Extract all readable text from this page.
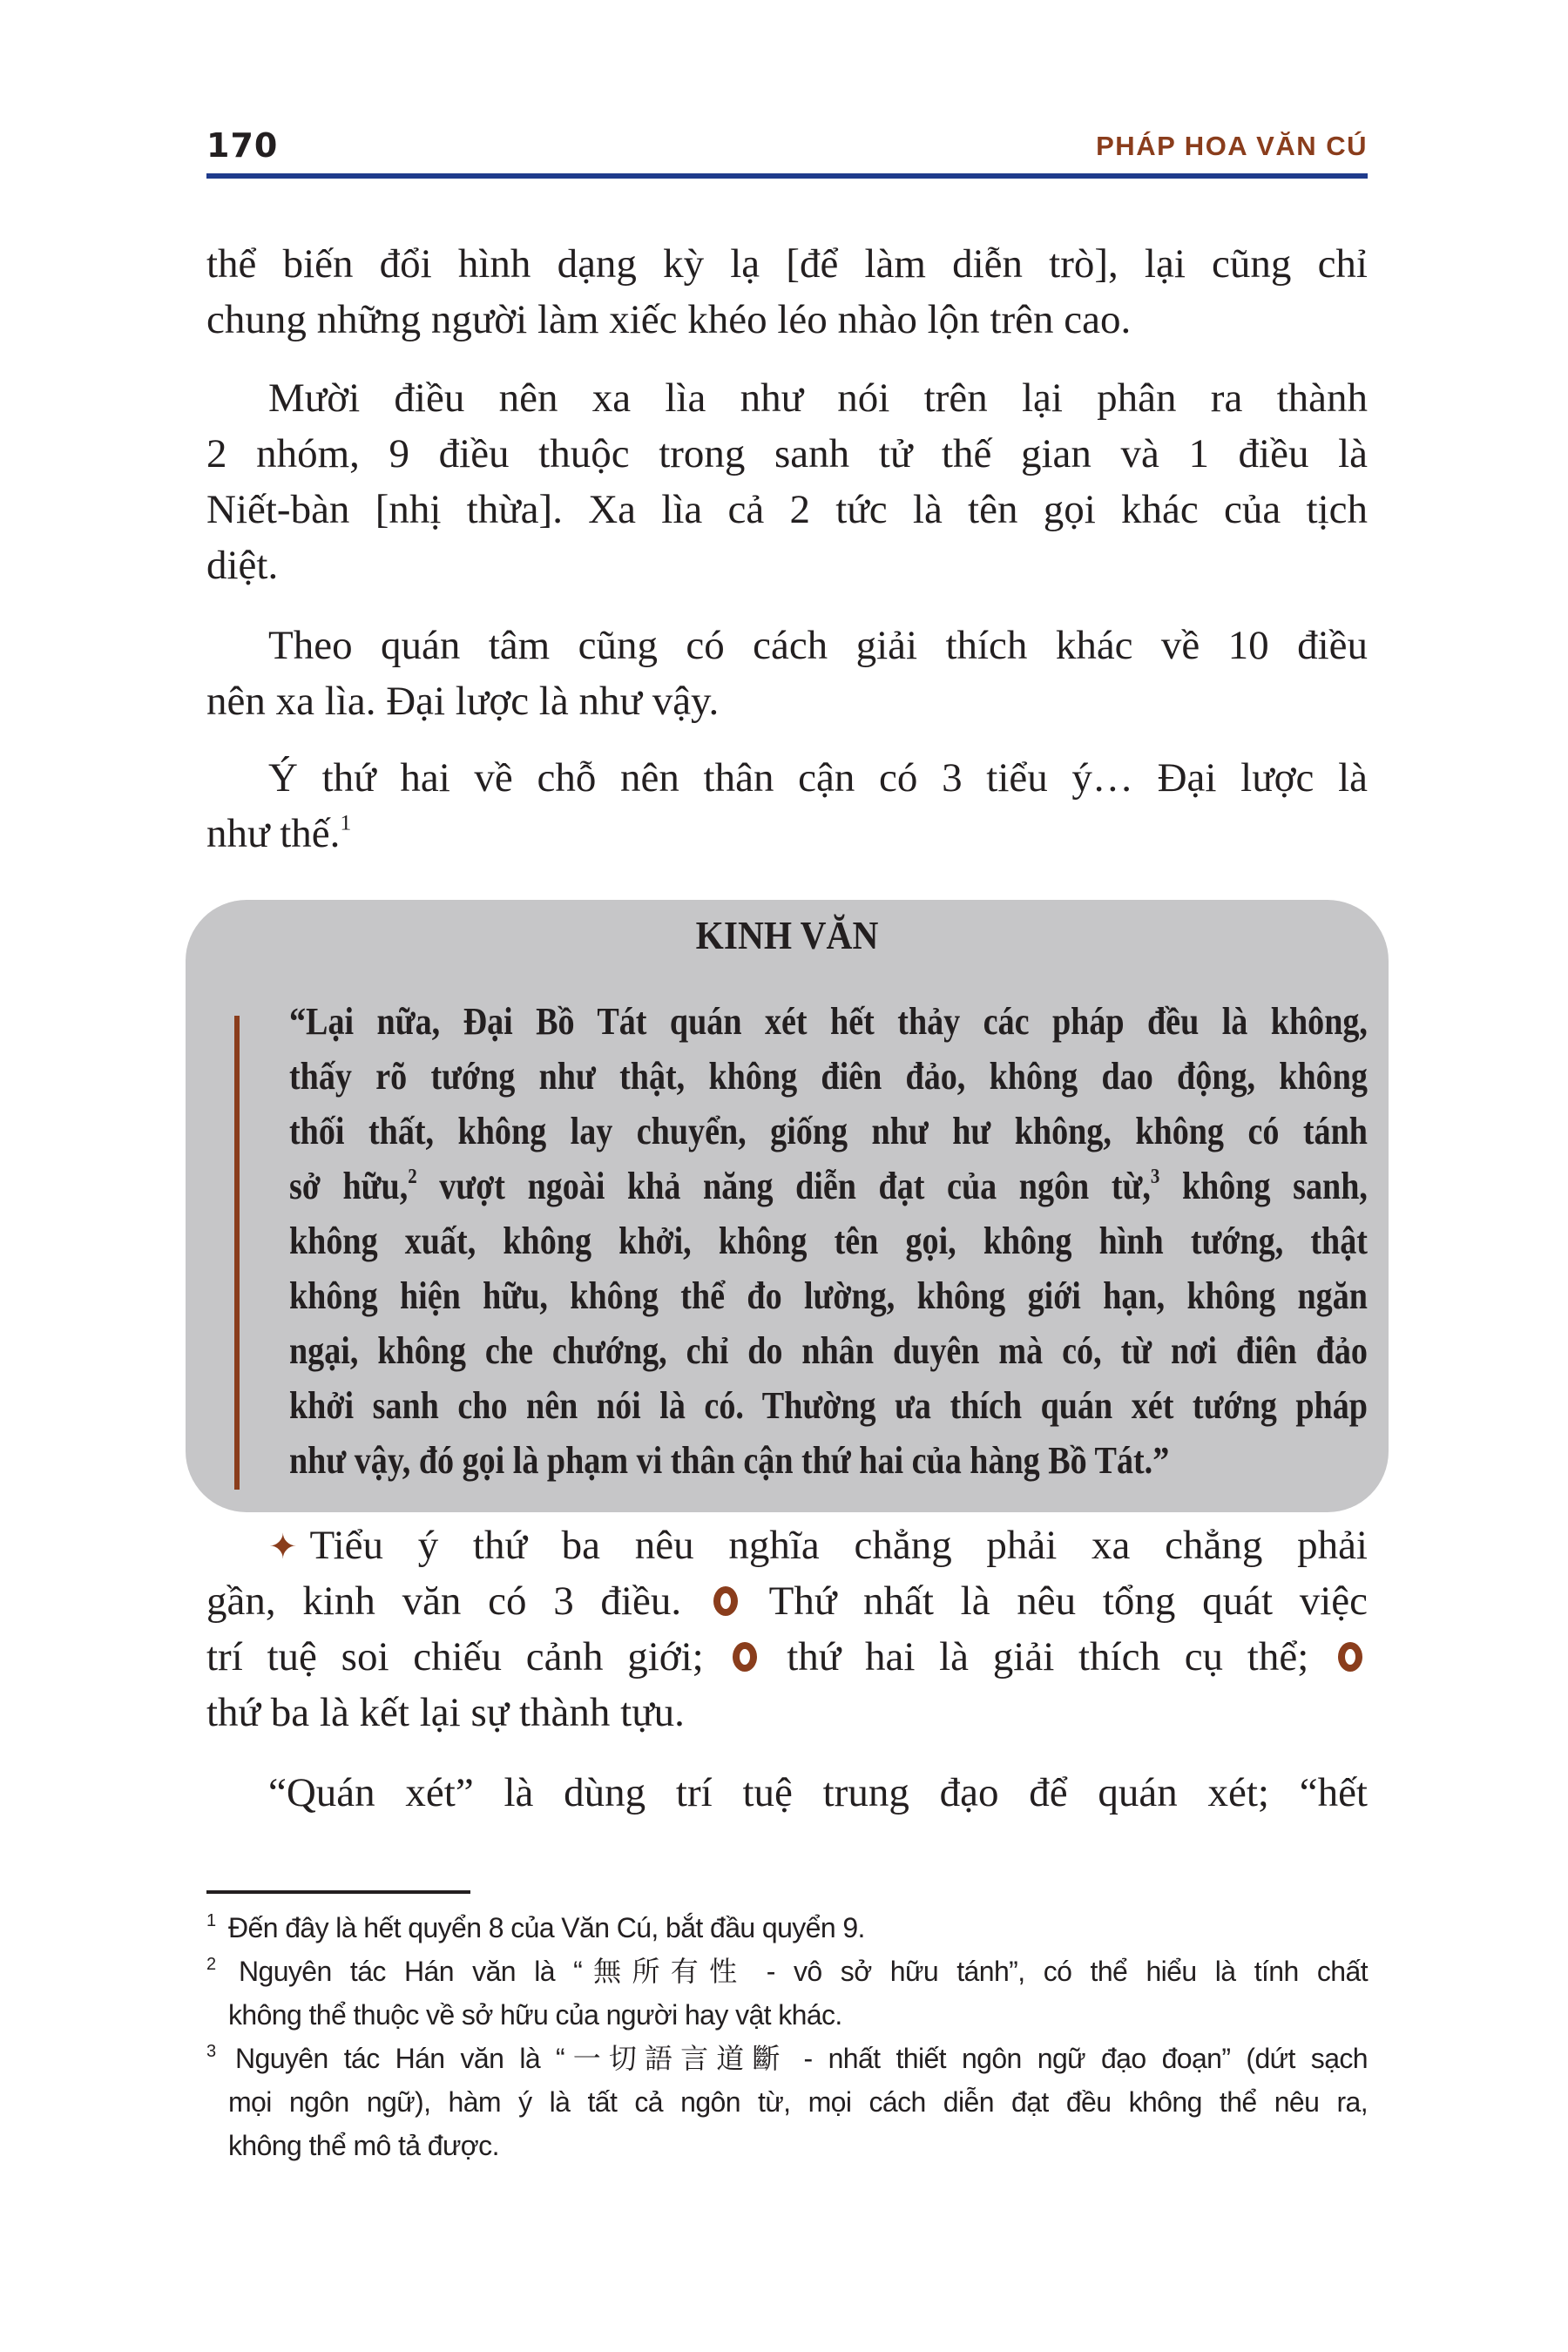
170	PHÁP HOA VĂN CÚ
thể biến đổi hình dạng kỳ lạ [để làm diễn trò], lại cũng chỉ
chung những người làm xiếc khéo léo nhào lộn trên cao.
Mười điều nên xa lìa như nói trên lại phân ra thành
2 nhóm, 9 điều thuộc trong sanh tử thế gian và 1 điều là
Niết-bàn [nhị thừa]. Xa lìa cả 2 tức là tên gọi khác của tịch
diệt.
Theo quán tâm cũng có cách giải thích khác về 10 điều
nên xa lìa. Đại lược là như vậy.
Ý thứ hai về chỗ nên thân cận có 3 tiểu ý… Đại lược là
như thế.$^1$
KINH VĂN
“Lại nữa, Đại Bồ Tát quán xét hết thảy các pháp đều là không,
thấy rõ tướng như thật, không điên đảo, không dao động, không
thối thất, không lay chuyển, giống như hư không, không có tánh
sở hữu,$^2$ vượt ngoài khả năng diễn đạt của ngôn từ,$^3$ không sanh,
không xuất, không khởi, không tên gọi, không hình tướng, thật
không hiện hữu, không thể đo lường, không giới hạn, không ngăn
ngại, không che chướng, chỉ do nhân duyên mà có, từ nơi điên đảo
khởi sanh cho nên nói là có. Thường ưa thích quán xét tướng pháp
như vậy, đó gọi là phạm vi thân cận thứ hai của hàng Bồ Tát.”
✦ Tiểu ý thứ ba nêu nghĩa chẳng phải xa chẳng phải
gần, kinh văn có 3 điều. Thứ nhất là nêu tổng quát việc
trí tuệ soi chiếu cảnh giới; thứ hai là giải thích cụ thể;
thứ ba là kết lại sự thành tựu.
“Quán xét” là dùng trí tuệ trung đạo để quán xét; “hết
1 Đến đây là hết quyển 8 của Văn Cú, bắt đầu quyển 9.
2 Nguyên tác Hán văn là “無所有性 - vô sở hữu tánh”, có thể hiểu là tính chất
không thể thuộc về sở hữu của người hay vật khác.
3 Nguyên tác Hán văn là “一切語言道斷 - nhất thiết ngôn ngữ đạo đoạn” (dứt sạch
mọi ngôn ngữ), hàm ý là tất cả ngôn từ, mọi cách diễn đạt đều không thể nêu ra,
không thể mô tả được.
